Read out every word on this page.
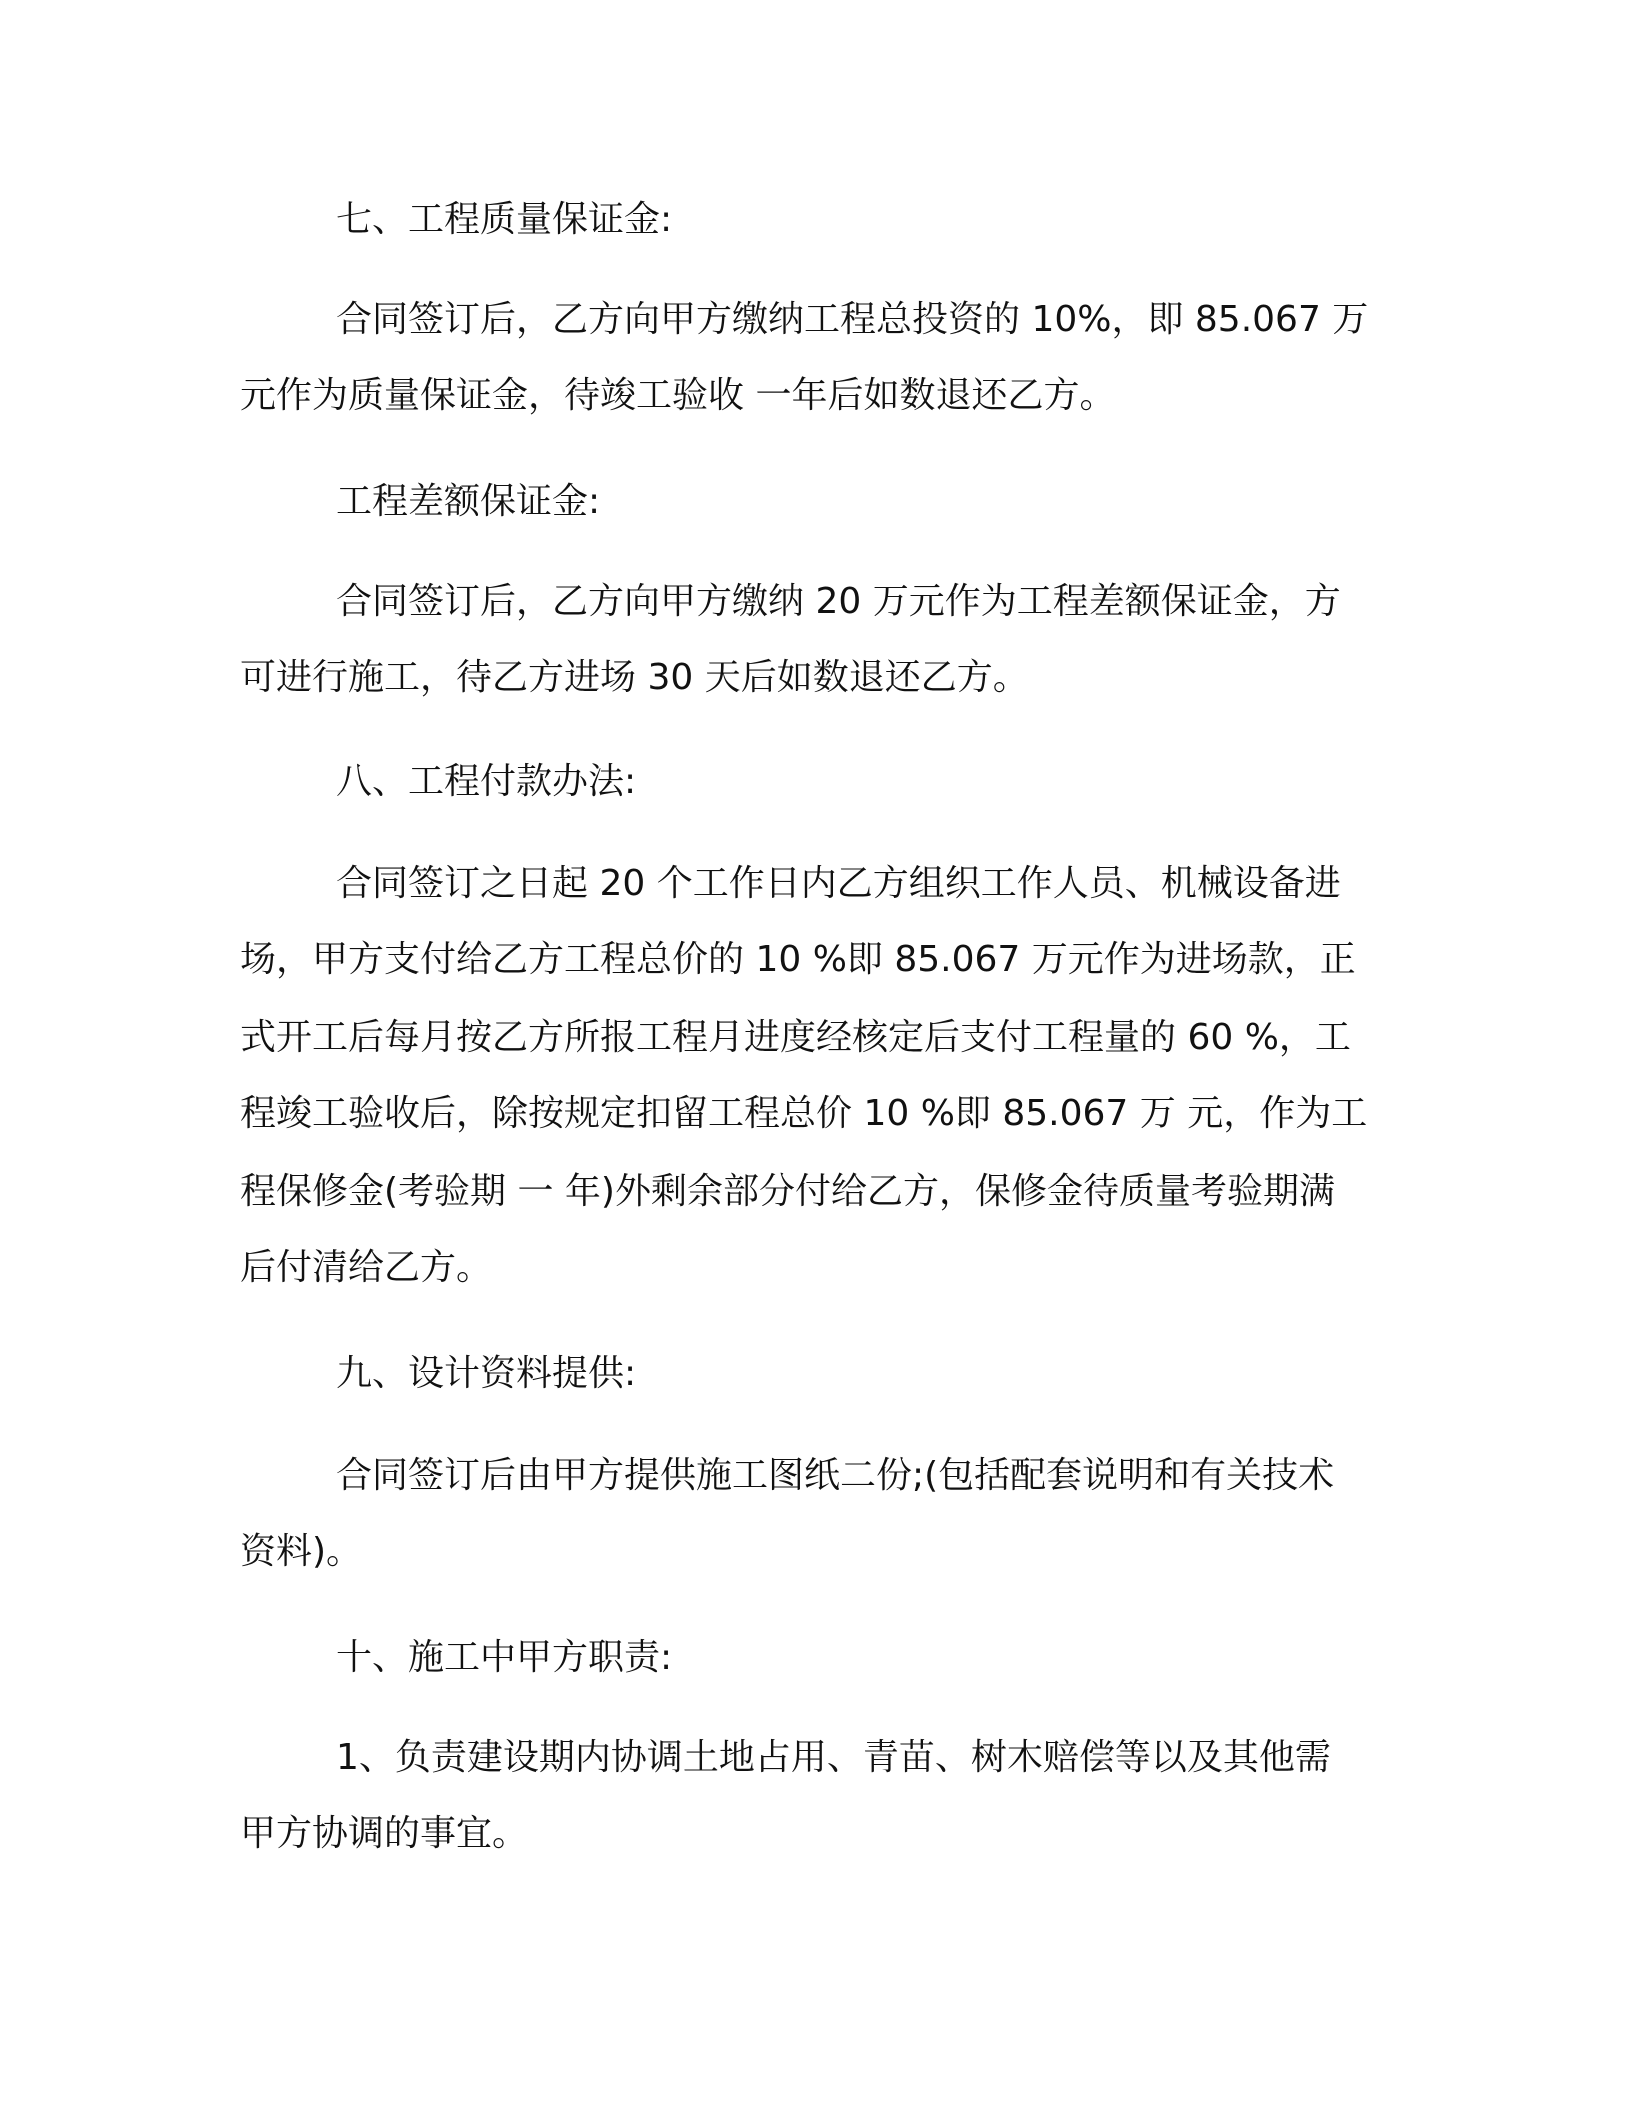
七、工程质量保证金:

合同签订后，乙方向甲方缴纳工程总投资的 10%，即 85.067 万

元作为质量保证金，待竣工验收 一年后如数退还乙方。

工程差额保证金:

合同签订后，乙方向甲方缴纳 20 万元作为工程差额保证金，方

可进行施工，待乙方进场 30 天后如数退还乙方。

八、工程付款办法:

合同签订之日起 20 个工作日内乙方组织工作人员、机械设备进

场，甲方支付给乙方工程总价的 10 %即 85.067 万元作为进场款，正

式开工后每月按乙方所报工程月进度经核定后支付工程量的 60 %，工

程竣工验收后，除按规定扣留工程总价 10 %即 85.067 万 元，作为工

程保修金(考验期 一 年)外剩余部分付给乙方，保修金待质量考验期满

后付清给乙方。

九、设计资料提供:

合同签订后由甲方提供施工图纸二份;(包括配套说明和有关技术

资料)。

十、施工中甲方职责:

1、负责建设期内协调土地占用、青苗、树木赔偿等以及其他需

甲方协调的事宜。
